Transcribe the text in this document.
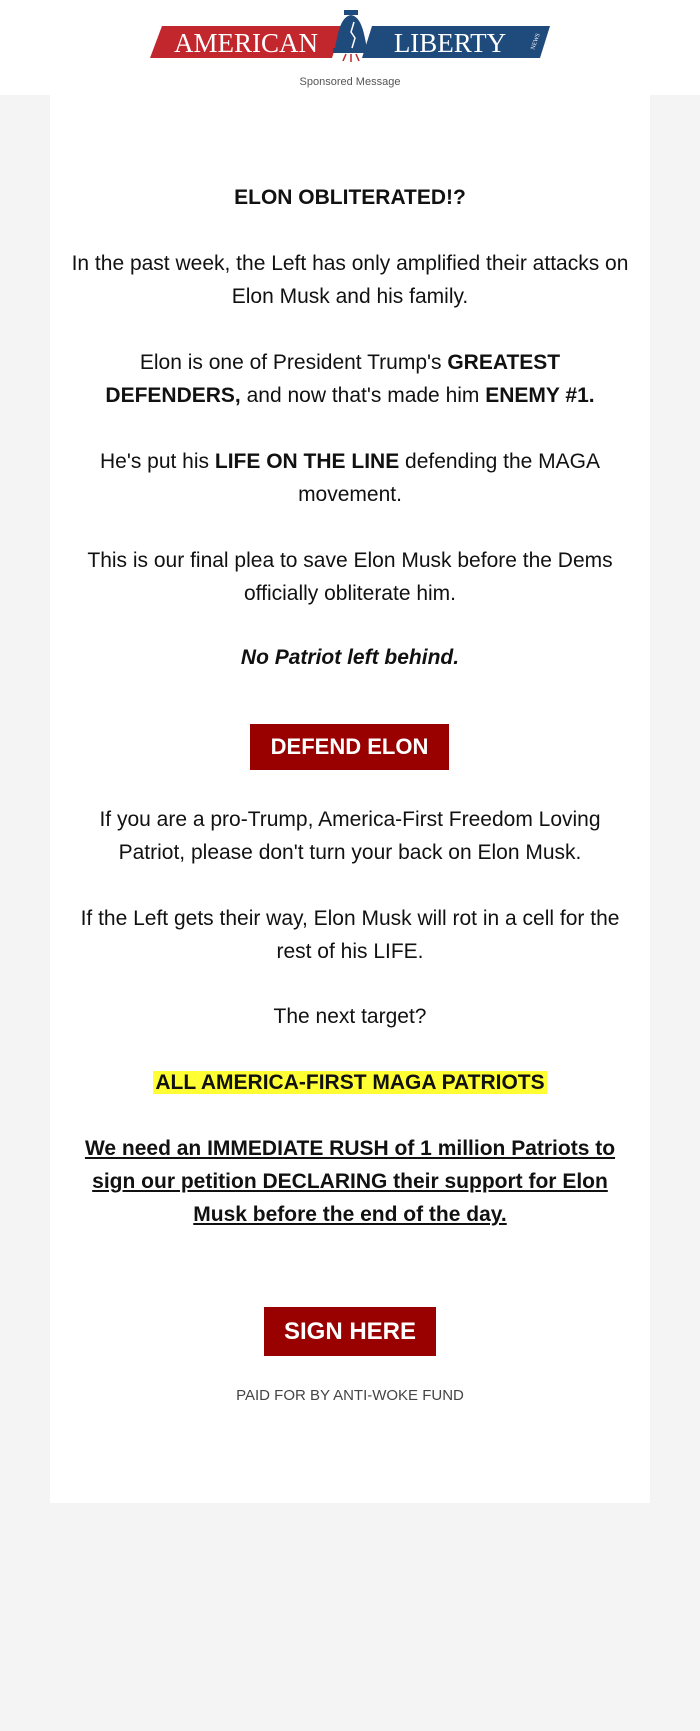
AMERICAN	LIBERTY	NEWS
Sponsored Message

ELON OBLITERATED!?

In the past week, the Left has only amplified their attacks on Elon Musk and his family.

Elon is one of President Trump's GREATEST DEFENDERS, and now that's made him ENEMY #1.

He's put his LIFE ON THE LINE defending the MAGA movement.

This is our final plea to save Elon Musk before the Dems officially obliterate him.

No Patriot left behind.

DEFEND ELON

If you are a pro-Trump, America-First Freedom Loving Patriot, please don't turn your back on Elon Musk.

If the Left gets their way, Elon Musk will rot in a cell for the rest of his LIFE.

The next target?

ALL AMERICA-FIRST MAGA PATRIOTS

We need an IMMEDIATE RUSH of 1 million Patriots to sign our petition DECLARING their support for Elon Musk before the end of the day.

SIGN HERE
PAID FOR BY ANTI-WOKE FUND
